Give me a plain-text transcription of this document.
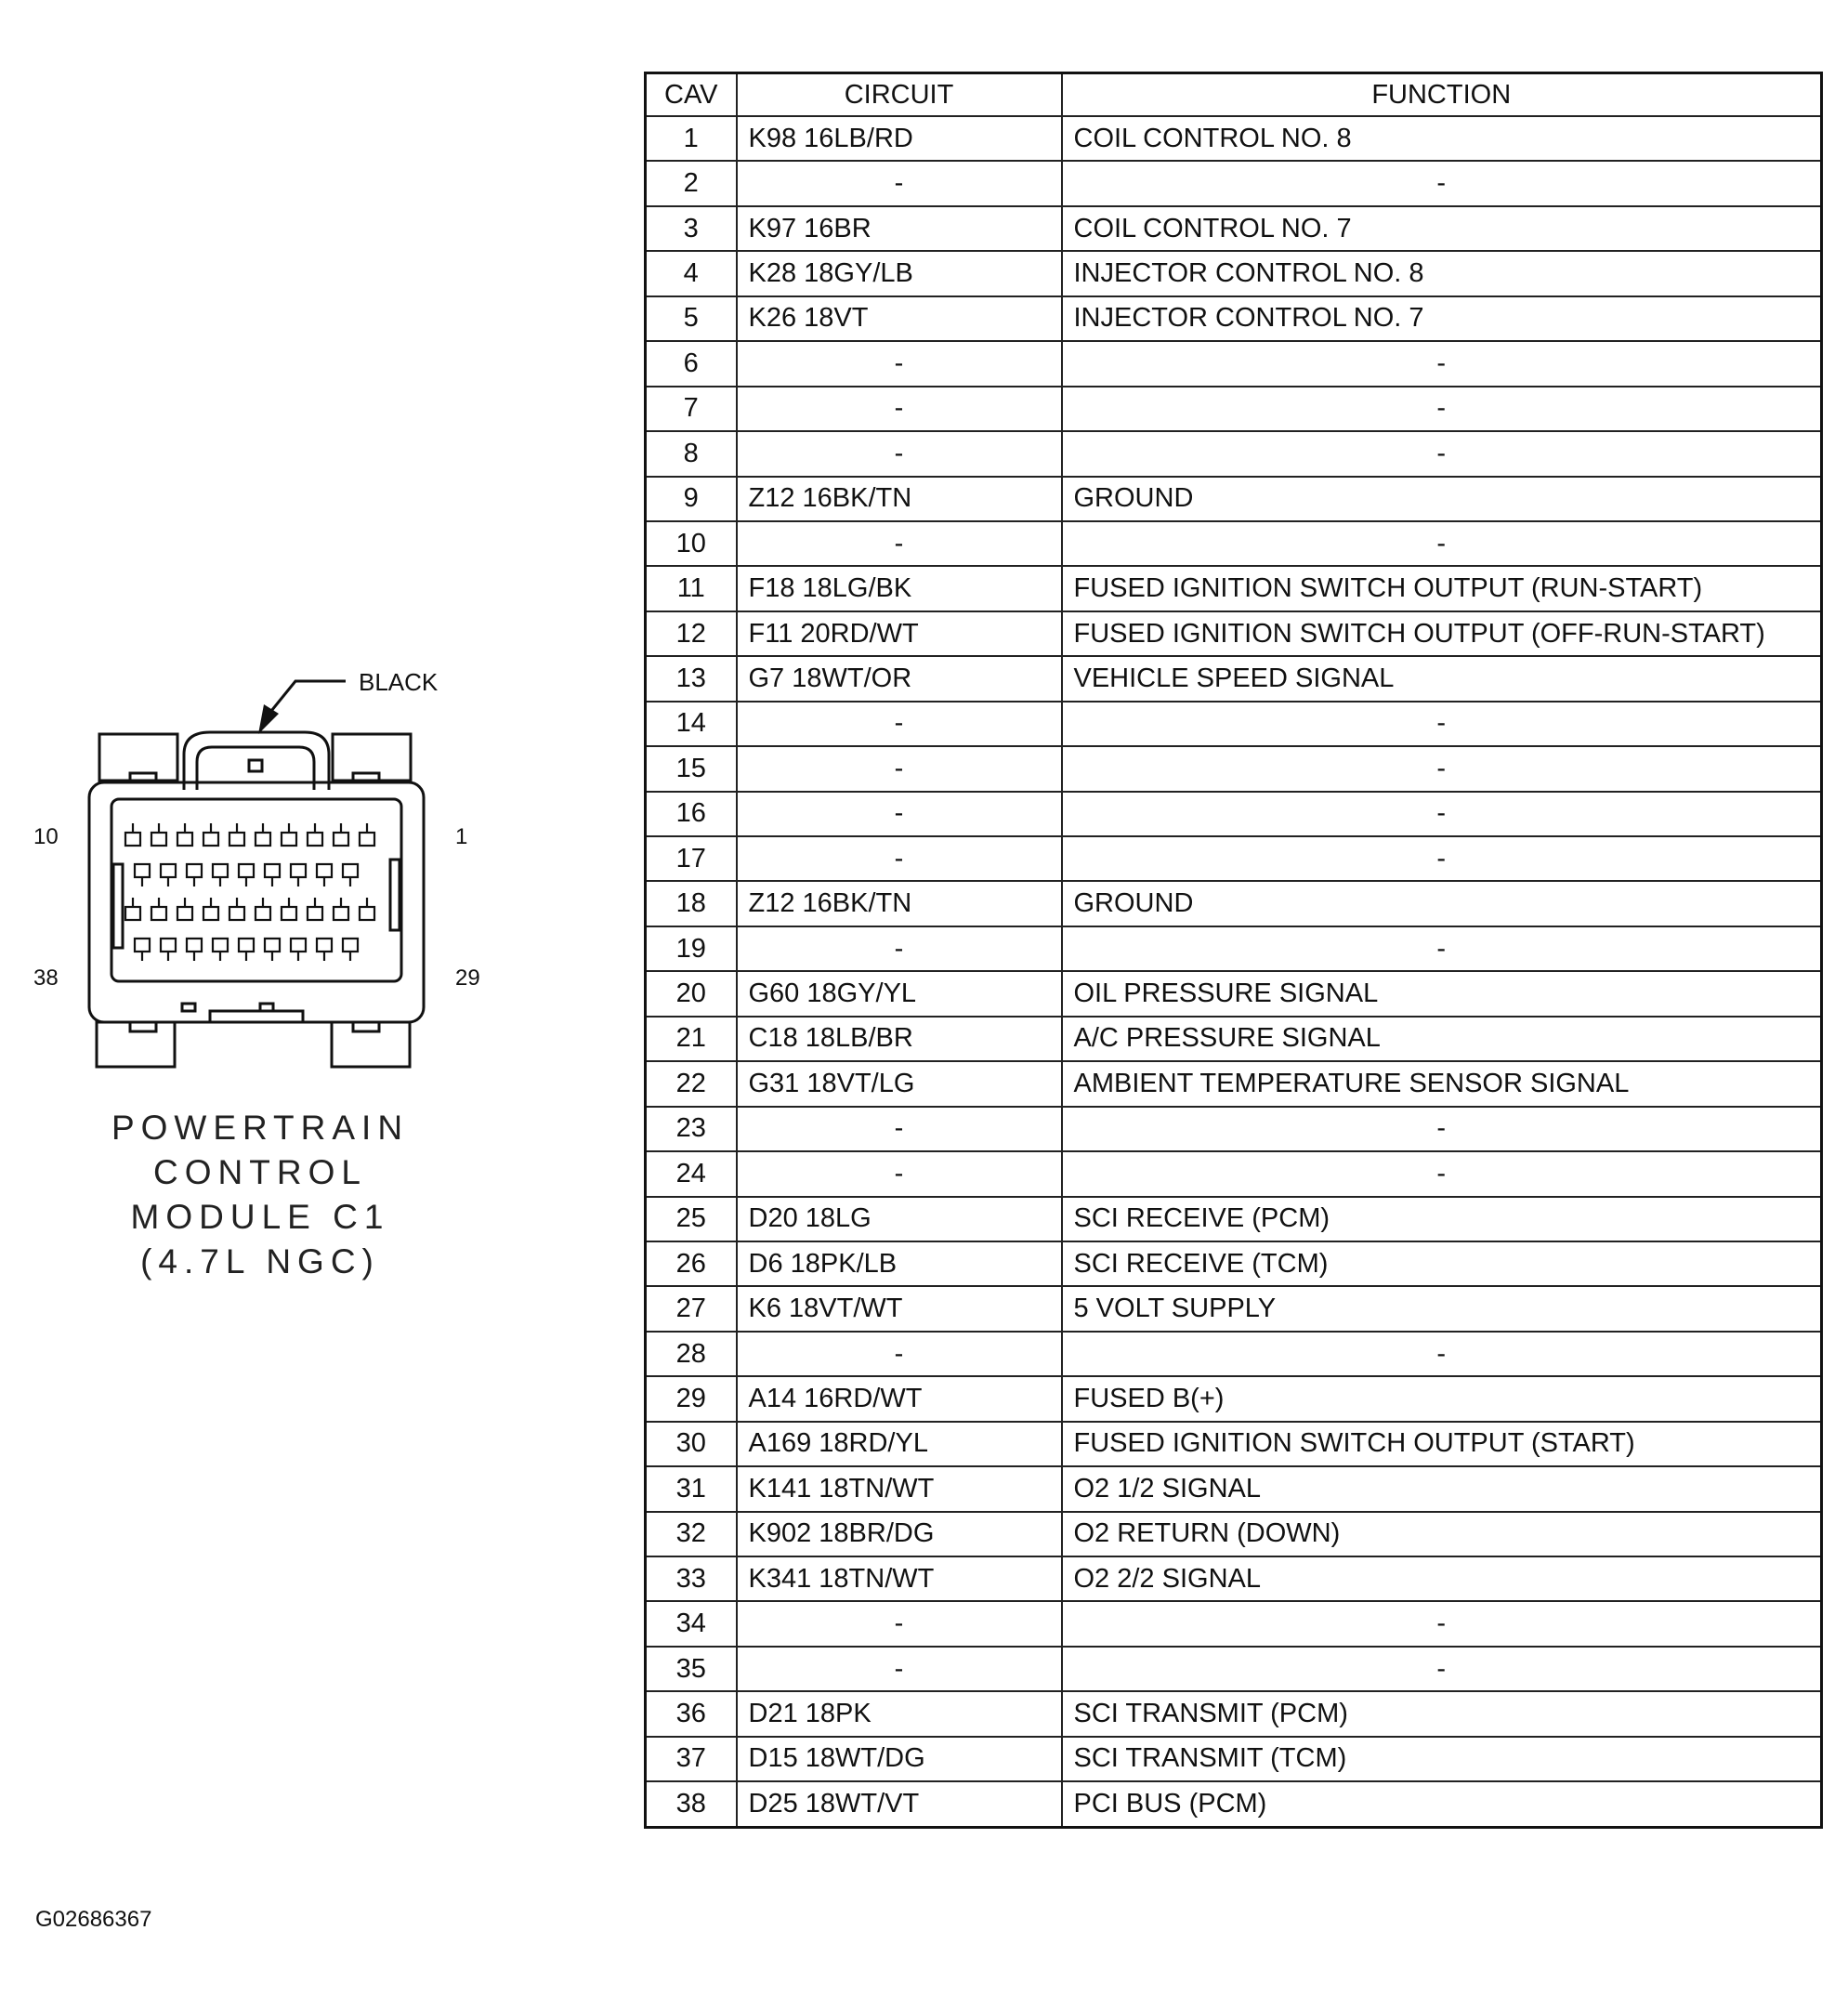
BLACK
10	1
38	29
POWERTRAIN
CONTROL
MODULE C1
(4.7L NGC)
G02686367
CAV	CIRCUIT	FUNCTION
1	K98 16LB/RD	COIL CONTROL NO. 8
2	-	-
3	K97 16BR	COIL CONTROL NO. 7
4	K28 18GY/LB	INJECTOR CONTROL NO. 8
5	K26 18VT	INJECTOR CONTROL NO. 7
6	-	-
7	-	-
8	-	-
9	Z12 16BK/TN	GROUND
10	-	-
11	F18 18LG/BK	FUSED IGNITION SWITCH OUTPUT (RUN-START)
12	F11 20RD/WT	FUSED IGNITION SWITCH OUTPUT (OFF-RUN-START)
13	G7 18WT/OR	VEHICLE SPEED SIGNAL
14	-	-
15	-	-
16	-	-
17	-	-
18	Z12 16BK/TN	GROUND
19	-	-
20	G60 18GY/YL	OIL PRESSURE SIGNAL
21	C18 18LB/BR	A/C PRESSURE SIGNAL
22	G31 18VT/LG	AMBIENT TEMPERATURE SENSOR SIGNAL
23	-	-
24	-	-
25	D20 18LG	SCI RECEIVE (PCM)
26	D6 18PK/LB	SCI RECEIVE (TCM)
27	K6 18VT/WT	5 VOLT SUPPLY
28	-	-
29	A14 16RD/WT	FUSED B(+)
30	A169 18RD/YL	FUSED IGNITION SWITCH OUTPUT (START)
31	K141 18TN/WT	O2 1/2 SIGNAL
32	K902 18BR/DG	O2 RETURN (DOWN)
33	K341 18TN/WT	O2 2/2 SIGNAL
34	-	-
35	-	-
36	D21 18PK	SCI TRANSMIT (PCM)
37	D15 18WT/DG	SCI TRANSMIT (TCM)
38	D25 18WT/VT	PCI BUS (PCM)
